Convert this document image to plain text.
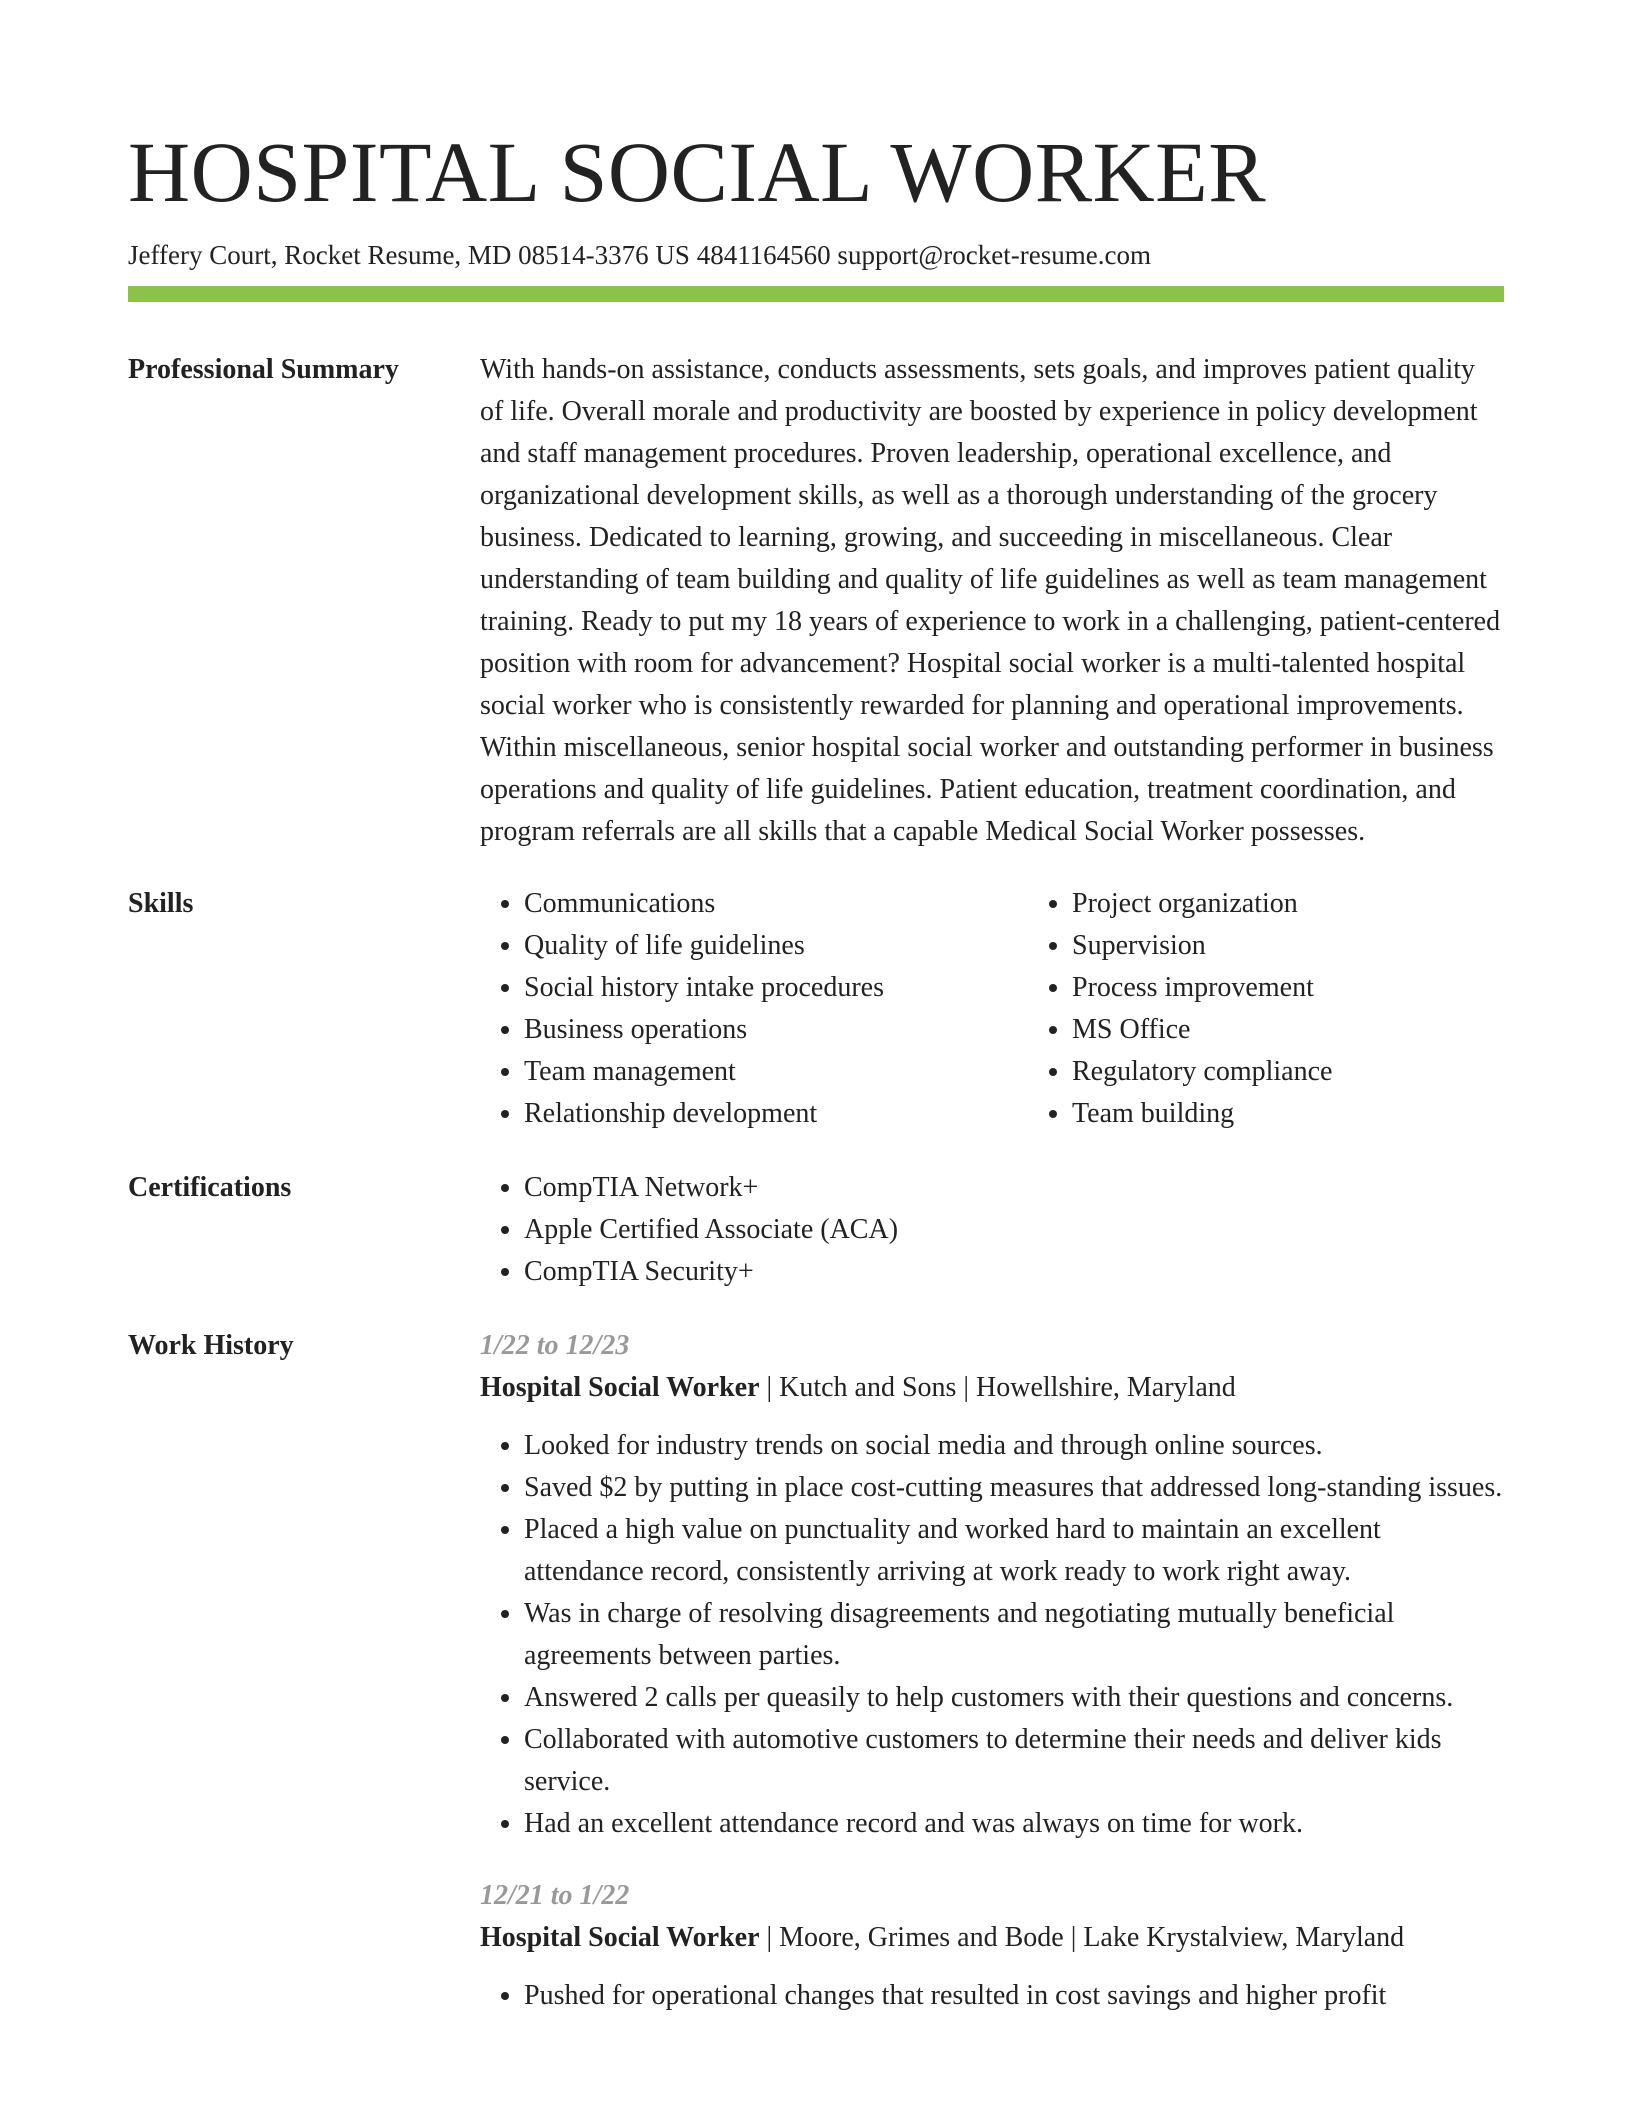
HOSPITAL SOCIAL WORKER
Jeffery Court, Rocket Resume, MD 08514-3376 US 4841164560 support@rocket-resume.com
Professional Summary	With hands-on assistance, conducts assessments, sets goals, and improves patient quality of life. Overall morale and productivity are boosted by experience in policy development and staff management procedures. Proven leadership, operational excellence, and organizational development skills, as well as a thorough understanding of the grocery business. Dedicated to learning, growing, and succeeding in miscellaneous. Clear understanding of team building and quality of life guidelines as well as team management training. Ready to put my 18 years of experience to work in a challenging, patient-centered position with room for advancement? Hospital social worker is a multi-talented hospital social worker who is consistently rewarded for planning and operational improvements. Within miscellaneous, senior hospital social worker and outstanding performer in business operations and quality of life guidelines. Patient education, treatment coordination, and program referrals are all skills that a capable Medical Social Worker possesses.

Skills	• Communications
• Quality of life guidelines
• Social history intake procedures
• Business operations
• Team management
• Relationship development
• Project organization
• Supervision
• Process improvement
• MS Office
• Regulatory compliance
• Team building
Certifications	• CompTIA Network+
• Apple Certified Associate (ACA)
• CompTIA Security+
Work History	1/22 to 12/23
Hospital Social Worker | Kutch and Sons | Howellshire, Maryland
• Looked for industry trends on social media and through online sources.
• Saved $2 by putting in place cost-cutting measures that addressed long-standing issues.
• Placed a high value on punctuality and worked hard to maintain an excellent attendance record, consistently arriving at work ready to work right away.
• Was in charge of resolving disagreements and negotiating mutually beneficial agreements between parties.
• Answered 2 calls per queasily to help customers with their questions and concerns.
• Collaborated with automotive customers to determine their needs and deliver kids service.
• Had an excellent attendance record and was always on time for work.
12/21 to 1/22
Hospital Social Worker | Moore, Grimes and Bode | Lake Krystalview, Maryland
• Pushed for operational changes that resulted in cost savings and higher profit
